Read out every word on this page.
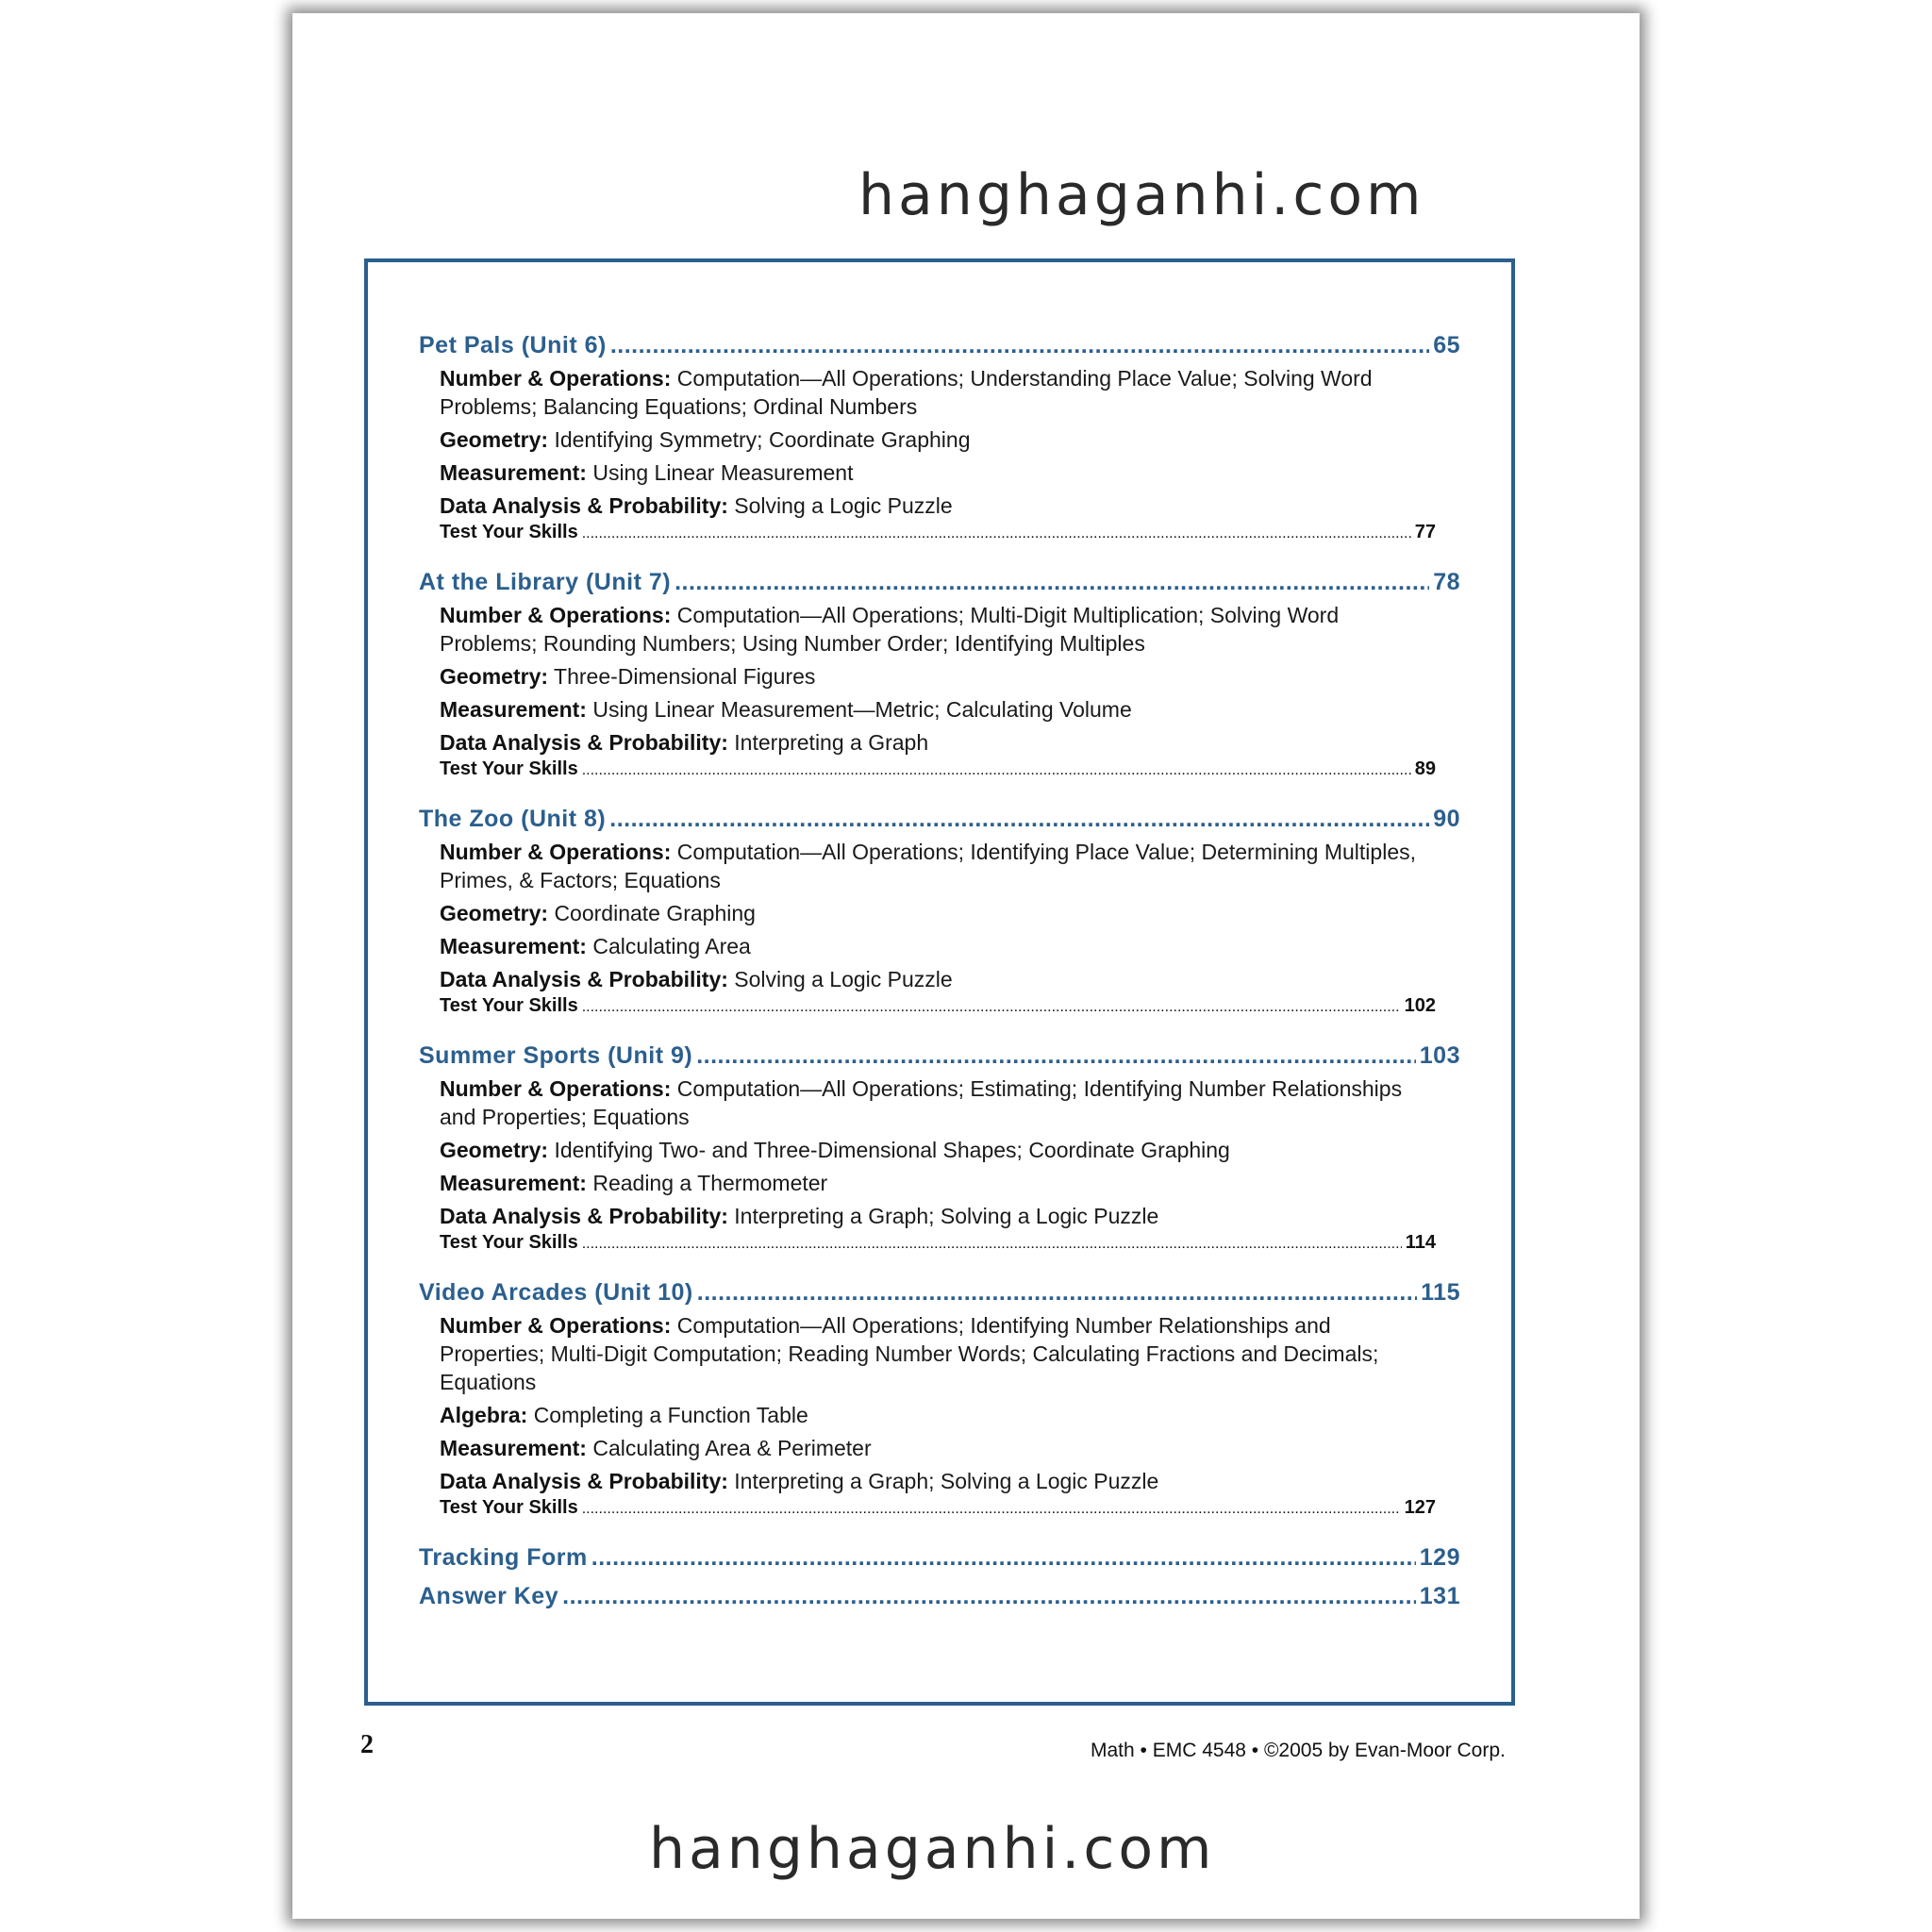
hanghaganhi.com
Pet Pals (Unit 6) .....	65
Number & Operations: Computation—All Operations; Understanding Place Value; Solving Word Problems; Balancing Equations; Ordinal Numbers
Geometry: Identifying Symmetry; Coordinate Graphing
Measurement: Using Linear Measurement
Data Analysis & Probability: Solving a Logic Puzzle
Test Your Skills .....	77
At the Library (Unit 7) .....	78
Number & Operations: Computation—All Operations; Multi-Digit Multiplication; Solving Word Problems; Rounding Numbers; Using Number Order; Identifying Multiples
Geometry: Three-Dimensional Figures
Measurement: Using Linear Measurement—Metric; Calculating Volume
Data Analysis & Probability: Interpreting a Graph
Test Your Skills .....	89
The Zoo (Unit 8) .....	90
Number & Operations: Computation—All Operations; Identifying Place Value; Determining Multiples, Primes, & Factors; Equations
Geometry: Coordinate Graphing
Measurement: Calculating Area
Data Analysis & Probability: Solving a Logic Puzzle
Test Your Skills .....	102
Summer Sports (Unit 9) .....	103
Number & Operations: Computation—All Operations; Estimating; Identifying Number Relationships and Properties; Equations
Geometry: Identifying Two- and Three-Dimensional Shapes; Coordinate Graphing
Measurement: Reading a Thermometer
Data Analysis & Probability: Interpreting a Graph; Solving a Logic Puzzle
Test Your Skills .....	114
Video Arcades (Unit 10) .....	115
Number & Operations: Computation—All Operations; Identifying Number Relationships and Properties; Multi-Digit Computation; Reading Number Words; Calculating Fractions and Decimals; Equations
Algebra: Completing a Function Table
Measurement: Calculating Area & Perimeter
Data Analysis & Probability: Interpreting a Graph; Solving a Logic Puzzle
Test Your Skills .....	127
Tracking Form .....	129
Answer Key .....	131
2	Math • EMC 4548 • ©2005 by Evan-Moor Corp.
hanghaganhi.com
